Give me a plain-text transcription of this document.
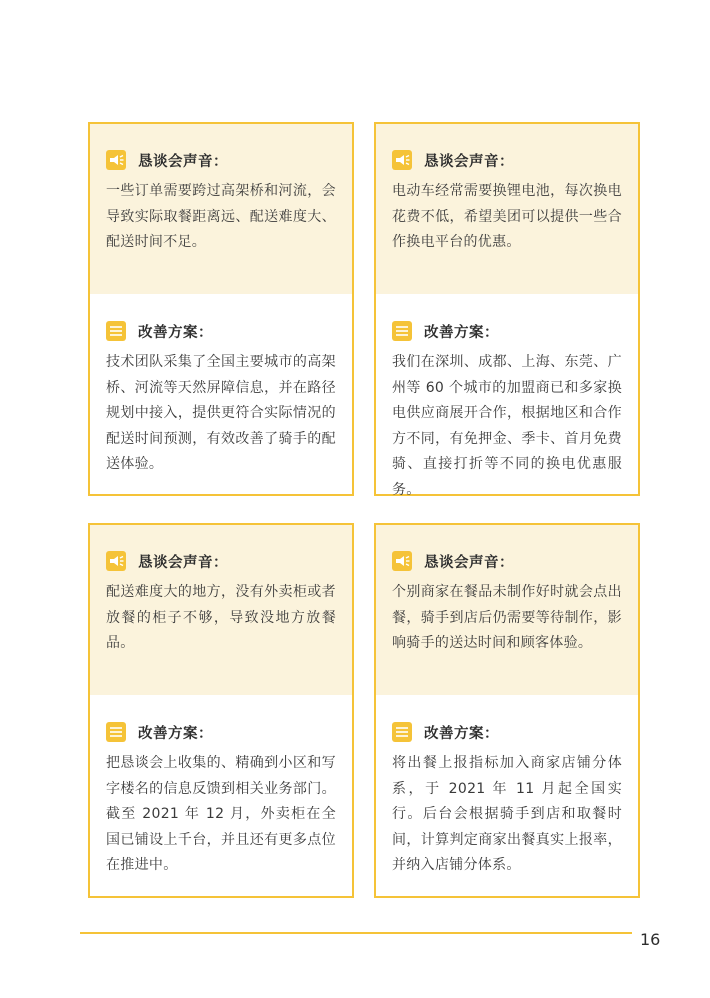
恳谈会声音：
一些订单需要跨过高架桥和河流，会导致实际取餐距离远、配送难度大、配送时间不足。
改善方案：
技术团队采集了全国主要城市的高架桥、河流等天然屏障信息，并在路径规划中接入，提供更符合实际情况的配送时间预测，有效改善了骑手的配送体验。
恳谈会声音：
电动车经常需要换锂电池，每次换电花费不低，希望美团可以提供一些合作换电平台的优惠。
改善方案：
我们在深圳、成都、上海、东莞、广州等 60 个城市的加盟商已和多家换电供应商展开合作，根据地区和合作方不同，有免押金、季卡、首月免费骑、直接打折等不同的换电优惠服务。
恳谈会声音：
配送难度大的地方，没有外卖柜或者放餐的柜子不够，导致没地方放餐品。
改善方案：
把恳谈会上收集的、精确到小区和写字楼名的信息反馈到相关业务部门。截至 2021 年 12 月，外卖柜在全国已铺设上千台，并且还有更多点位在推进中。
恳谈会声音：
个别商家在餐品未制作好时就会点出餐，骑手到店后仍需要等待制作，影响骑手的送达时间和顾客体验。
改善方案：
将出餐上报指标加入商家店铺分体系，于 2021 年 11 月起全国实行。后台会根据骑手到店和取餐时间，计算判定商家出餐真实上报率，并纳入店铺分体系。
16
